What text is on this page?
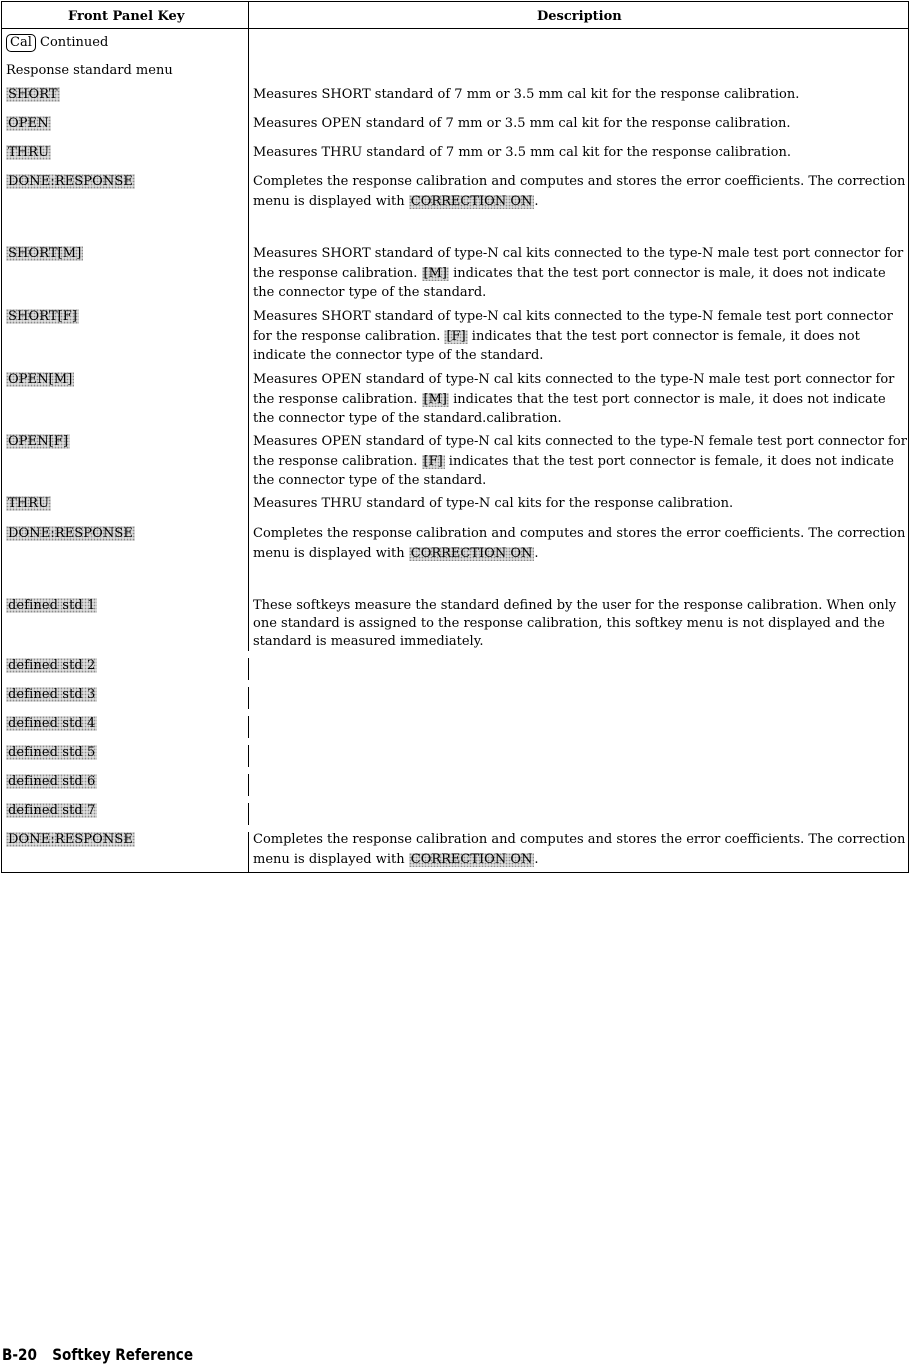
Front Panel Key	Description
Cal Continued
Response standard menu
SHORT	Measures SHORT standard of 7 mm or 3.5 mm cal kit for the response calibration.
OPEN	Measures OPEN standard of 7 mm or 3.5 mm cal kit for the response calibration.
THRU	Measures THRU standard of 7 mm or 3.5 mm cal kit for the response calibration.
DONE:RESPONSE	Completes the response calibration and computes and stores the error coefficients. The correction
menu is displayed with CORRECTION ON .
SHORT[M]	Measures SHORT standard of type-N cal kits connected to the type-N male test port connector for
the response calibration. [M] indicates that the test port connector is male, it does not indicate
the connector type of the standard.
SHORT[F]	Measures SHORT standard of type-N cal kits connected to the type-N female test port connector
for the response calibration. [F] indicates that the test port connector is female, it does not
indicate the connector type of the standard.
OPEN[M]	Measures OPEN standard of type-N cal kits connected to the type-N male test port connector for
the response calibration. [M] indicates that the test port connector is male, it does not indicate
the connector type of the standard.calibration.
OPEN[F]	Measures OPEN standard of type-N cal kits connected to the type-N female test port connector for
the response calibration. [F] indicates that the test port connector is female, it does not indicate
the connector type of the standard.
THRU	Measures THRU standard of type-N cal kits for the response calibration.
DONE:RESPONSE	Completes the response calibration and computes and stores the error coefficients. The correction
menu is displayed with CORRECTION ON .
defined std 1	These softkeys measure the standard defined by the user for the response calibration. When only
one standard is assigned to the response calibration, this softkey menu is not displayed and the
standard is measured immediately.
defined std 2
defined std 3
defined std 4
defined std 5
defined std 6
defined std 7
DONE:RESPONSE	Completes the response calibration and computes and stores the error coefficients. The correction
menu is displayed with CORRECTION ON .
B-20 Softkey Reference
